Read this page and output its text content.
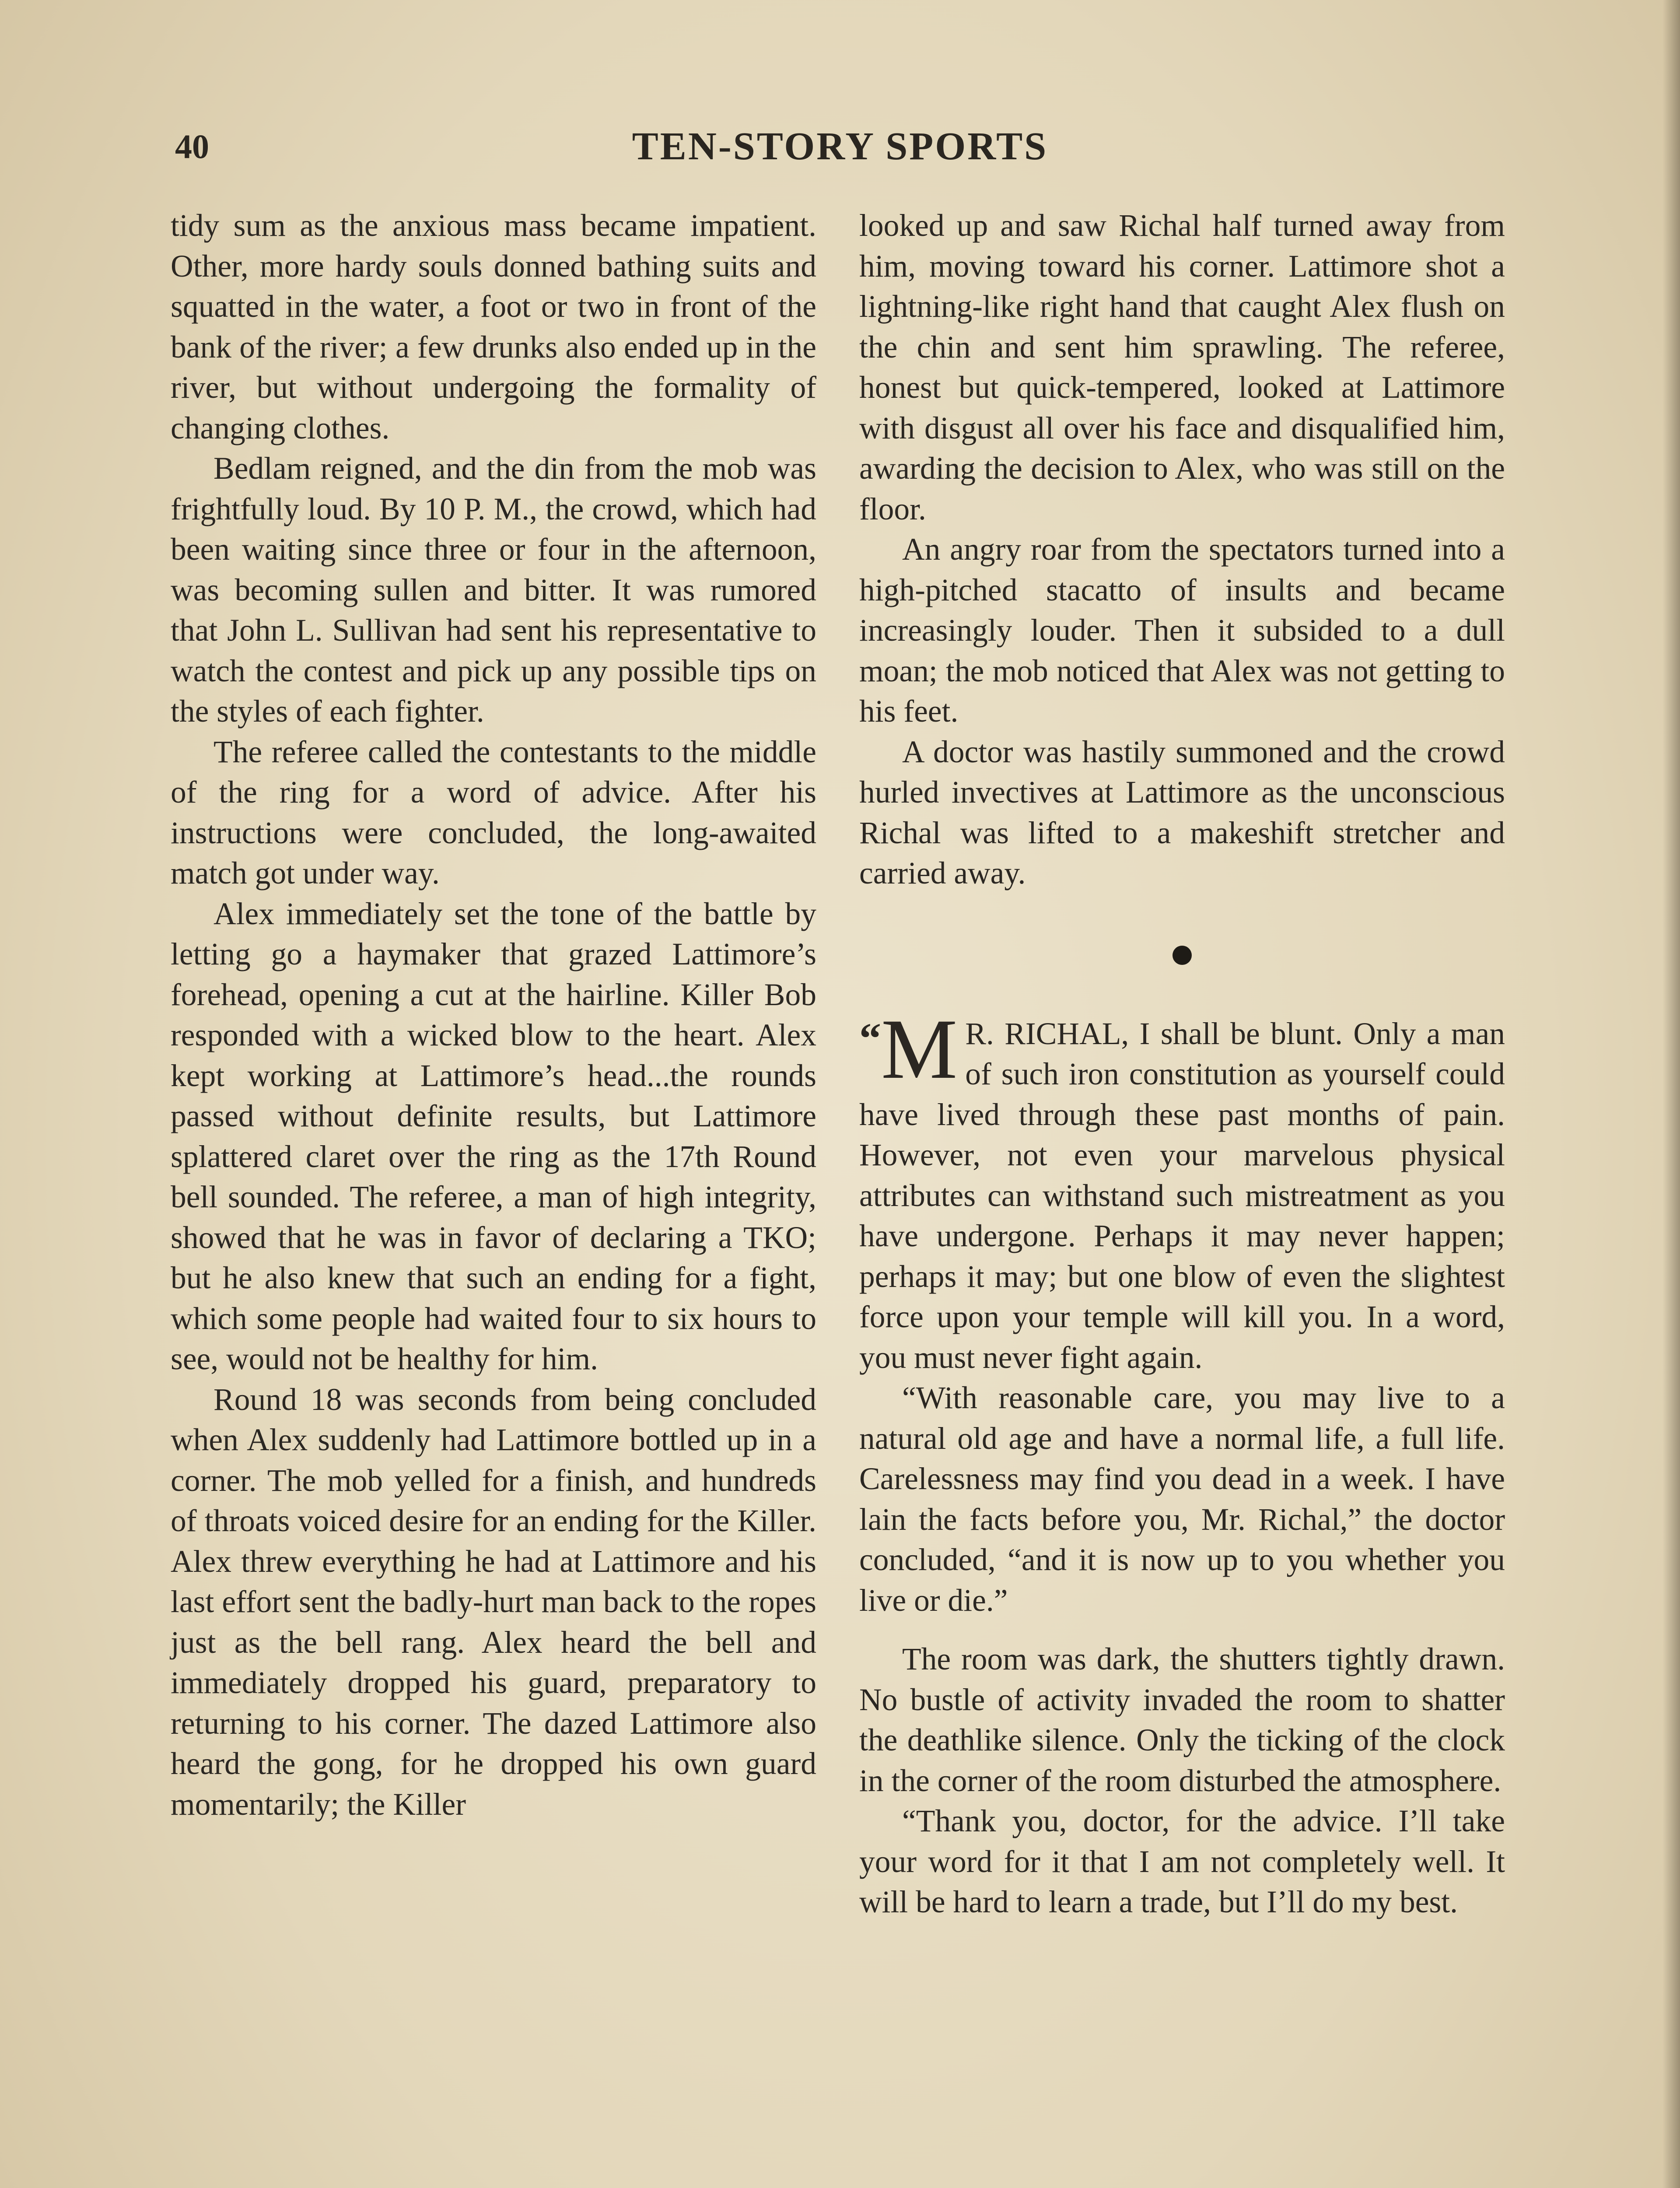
40	TEN-STORY SPORTS

tidy sum as the anxious mass became impatient. Other, more hardy souls donned bathing suits and squatted in the water, a foot or two in front of the bank of the river; a few drunks also ended up in the river, but without undergoing the formality of changing clothes.

Bedlam reigned, and the din from the mob was frightfully loud. By 10 P. M., the crowd, which had been waiting since three or four in the afternoon, was becoming sullen and bitter. It was rumored that John L. Sullivan had sent his representative to watch the contest and pick up any possible tips on the styles of each fighter.

The referee called the contestants to the middle of the ring for a word of advice. After his instructions were concluded, the long-awaited match got under way.

Alex immediately set the tone of the battle by letting go a haymaker that grazed Lattimore’s forehead, opening a cut at the hairline. Killer Bob responded with a wicked blow to the heart. Alex kept working at Lattimore’s head...the rounds passed without definite results, but Lattimore splattered claret over the ring as the 17th Round bell sounded. The referee, a man of high integrity, showed that he was in favor of declaring a TKO; but he also knew that such an ending for a fight, which some people had waited four to six hours to see, would not be healthy for him.

Round 18 was seconds from being concluded when Alex suddenly had Lattimore bottled up in a corner. The mob yelled for a finish, and hundreds of throats voiced desire for an ending for the Killer. Alex threw everything he had at Lattimore and his last effort sent the badly-hurt man back to the ropes just as the bell rang. Alex heard the bell and immediately dropped his guard, preparatory to returning to his corner. The dazed Lattimore also heard the gong, for he dropped his own guard momentarily; the Killer

looked up and saw Richal half turned away from him, moving toward his corner. Lattimore shot a lightning-like right hand that caught Alex flush on the chin and sent him sprawling. The referee, honest but quick-tempered, looked at Lattimore with disgust all over his face and disqualified him, awarding the decision to Alex, who was still on the floor.

An angry roar from the spectators turned into a high-pitched stacatto of insults and became increasingly louder. Then it subsided to a dull moan; the mob noticed that Alex was not getting to his feet.

A doctor was hastily summoned and the crowd hurled invectives at Lattimore as the unconscious Richal was lifted to a makeshift stretcher and carried away.

“M R. RICHAL, I shall be blunt. Only a man of such iron constitution as yourself could have lived through these past months of pain. However, not even your marvelous physical attributes can withstand such mistreatment as you have undergone. Perhaps it may never happen; perhaps it may; but one blow of even the slightest force upon your temple will kill you. In a word, you must never fight again.

“With reasonable care, you may live to a natural old age and have a normal life, a full life. Carelessness may find you dead in a week. I have lain the facts before you, Mr. Richal,” the doctor concluded, “and it is now up to you whether you live or die.”

The room was dark, the shutters tightly drawn. No bustle of activity invaded the room to shatter the deathlike silence. Only the ticking of the clock in the corner of the room disturbed the atmosphere.

“Thank you, doctor, for the advice. I’ll take your word for it that I am not completely well. It will be hard to learn a trade, but I’ll do my best.
